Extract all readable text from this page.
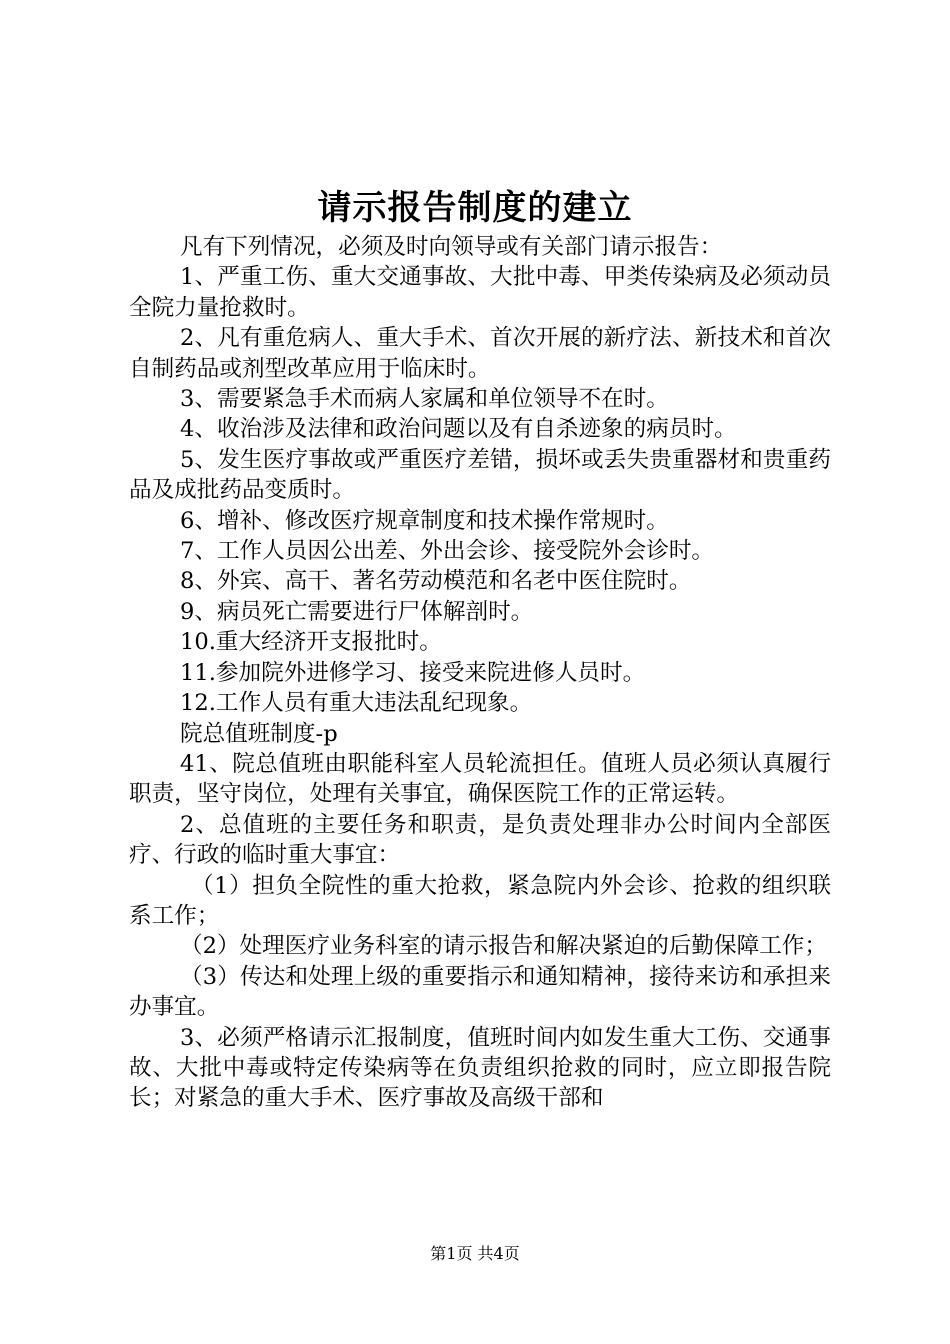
请示报告制度的建立

凡有下列情况，必须及时向领导或有关部门请示报告：

1、严重工伤、重大交通事故、大批中毒、甲类传染病及必须动员全院力量抢救时。

2、凡有重危病人、重大手术、首次开展的新疗法、新技术和首次自制药品或剂型改革应用于临床时。

3、需要紧急手术而病人家属和单位领导不在时。

4、收治涉及法律和政治问题以及有自杀迹象的病员时。

5、发生医疗事故或严重医疗差错，损坏或丢失贵重器材和贵重药品及成批药品变质时。

6、增补、修改医疗规章制度和技术操作常规时。

7、工作人员因公出差、外出会诊、接受院外会诊时。

8、外宾、高干、著名劳动模范和名老中医住院时。

9、病员死亡需要进行尸体解剖时。

10.重大经济开支报批时。

11.参加院外进修学习、接受来院进修人员时。

12.工作人员有重大违法乱纪现象。

院总值班制度-p

41、院总值班由职能科室人员轮流担任。值班人员必须认真履行职责，坚守岗位，处理有关事宜，确保医院工作的正常运转。

2、总值班的主要任务和职责，是负责处理非办公时间内全部医疗、行政的临时重大事宜：

（1）担负全院性的重大抢救，紧急院内外会诊、抢救的组织联系工作；

（2）处理医疗业务科室的请示报告和解决紧迫的后勤保障工作；

（3）传达和处理上级的重要指示和通知精神，接待来访和承担来办事宜。

3、必须严格请示汇报制度，值班时间内如发生重大工伤、交通事故、大批中毒或特定传染病等在负责组织抢救的同时，应立即报告院长；对紧急的重大手术、医疗事故及高级干部和

第1页 共4页
